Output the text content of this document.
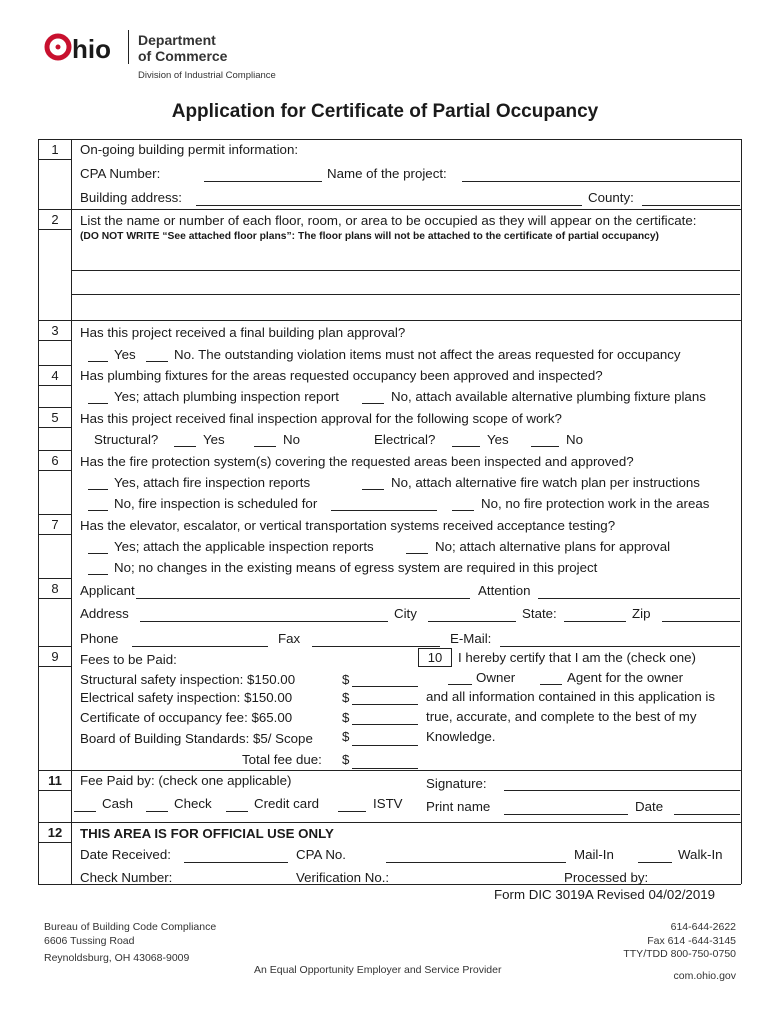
hio Department
of Commerce
Division of Industrial Compliance
Application for Certificate of Partial Occupancy
1
2
3
4
5
6
7
8
9
11
12
On-going building permit information:
CPA Number:	Name of the project:
Building address:	County:
List the name or number of each floor, room, or area to be occupied as they will appear on the certificate:
(DO NOT WRITE “See attached floor plans”: The floor plans will not be attached to the certificate of partial occupancy)
Has this project received a final building plan approval?
Yes	No. The outstanding violation items must not affect the areas requested for occupancy
Has plumbing fixtures for the areas requested occupancy been approved and inspected?
Yes; attach plumbing inspection report	No, attach available alternative plumbing fixture plans
Has this project received final inspection approval for the following scope of work?
Structural?	Yes	No	Electrical?	Yes	No
Has the fire protection system(s) covering the requested areas been inspected and approved?
Yes, attach fire inspection reports	No, attach alternative fire watch plan per instructions
No, fire inspection is scheduled for	No, no fire protection work in the areas
Has the elevator, escalator, or vertical transportation systems received acceptance testing?
Yes; attach the applicable inspection reports	No; attach alternative plans for approval
No; no changes in the existing means of egress system are required in this project
Applicant	Attention
Address	City	State:	Zip
Phone	Fax	E-Mail:
Fees to be Paid:
Structural safety inspection: $150.00	$
Electrical safety inspection: $150.00	$
Certificate of occupancy fee: $65.00	$
Board of Building Standards: $5/ Scope $
Total fee due: $
10	I hereby certify that I am the (check one)
Owner	Agent for the owner
and all information contained in this application is
true, accurate, and complete to the best of my
Knowledge.
Signature:
Print name	Date
Fee Paid by: (check one applicable)
Cash	Check	Credit card	ISTV
THIS AREA IS FOR OFFICIAL USE ONLY
Date Received:	CPA No.	Mail-In	Walk-In
Check Number:	Verification No.:	Processed by:
Form DIC 3019A Revised 04/02/2019
Bureau of Building Code Compliance
6606 Tussing Road
Reynoldsburg, OH 43068-9009
An Equal Opportunity Employer and Service Provider
614-644-2622
Fax 614 -644-3145
TTY/TDD 800-750-0750
com.ohio.gov
